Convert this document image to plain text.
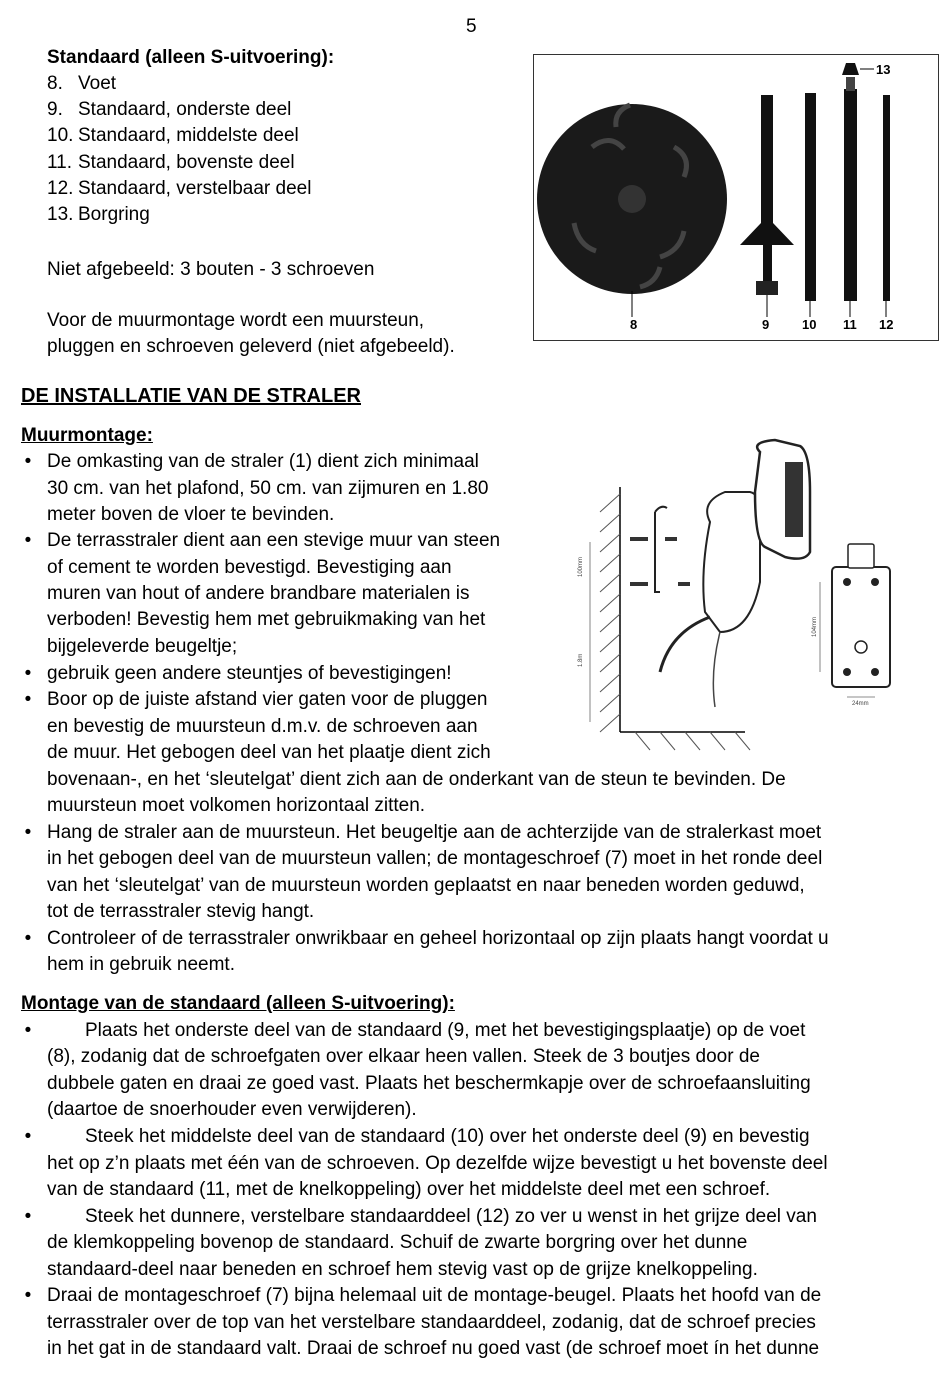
5
Standaard (alleen S-uitvoering):
8. Voet
9. Standaard, onderste deel
10. Standaard, middelste deel
11. Standaard, bovenste deel
12. Standaard, verstelbaar deel
13. Borgring
Niet afgebeeld: 3 bouten - 3 schroeven
Voor de muurmontage wordt een muursteun,
pluggen en schroeven geleverd (niet afgebeeld).
8	9	10 11 12
13
DE INSTALLATIE VAN DE STRALER
Muurmontage:
• De omkasting van de straler (1) dient zich minimaal
30 cm. van het plafond, 50 cm. van zijmuren en 1.80
meter boven de vloer te bevinden.
• De terrasstraler dient aan een stevige muur van steen
of cement te worden bevestigd. Bevestiging aan
muren van hout of andere brandbare materialen is
verboden! Bevestig hem met gebruikmaking van het
bijgeleverde beugeltje;
• gebruik geen andere steuntjes of bevestigingen!
• Boor op de juiste afstand vier gaten voor de pluggen
en bevestig de muursteun d.m.v. de schroeven aan
de muur. Het gebogen deel van het plaatje dient zich
bovenaan-, en het ‘sleutelgat’ dient zich aan de onderkant van de steun te bevinden. De
muursteun moet volkomen horizontaal zitten.
• Hang de straler aan de muursteun. Het beugeltje aan de achterzijde van de stralerkast moet
in het gebogen deel van de muursteun vallen; de montageschroef (7) moet in het ronde deel
van het ‘sleutelgat’ van de muursteun worden geplaatst en naar beneden worden geduwd,
tot de terrasstraler stevig hangt.
• Controleer of de terrasstraler onwrikbaar en geheel horizontaal op zijn plaats hangt voordat u
hem in gebruik neemt.
100mm
1.8m
104mm
24mm
Montage van de standaard (alleen S-uitvoering):
•	Plaats het onderste deel van de standaard (9, met het bevestigingsplaatje) op de voet
(8), zodanig dat de schroefgaten over elkaar heen vallen. Steek de 3 boutjes door de
dubbele gaten en draai ze goed vast. Plaats het beschermkapje over de schroefaansluiting
(daartoe de snoerhouder even verwijderen).
•	Steek het middelste deel van de standaard (10) over het onderste deel (9) en bevestig
het op z’n plaats met één van de schroeven. Op dezelfde wijze bevestigt u het bovenste deel
van de standaard (11, met de knelkoppeling) over het middelste deel met een schroef.
•	Steek het dunnere, verstelbare standaarddeel (12) zo ver u wenst in het grijze deel van
de klemkoppeling bovenop de standaard. Schuif de zwarte borgring over het dunne
standaard-deel naar beneden en schroef hem stevig vast op de grijze knelkoppeling.
• Draai de montageschroef (7) bijna helemaal uit de montage-beugel. Plaats het hoofd van de
terrasstraler over de top van het verstelbare standaarddeel, zodanig, dat de schroef precies
in het gat in de standaard valt. Draai de schroef nu goed vast (de schroef moet ín het dunne
